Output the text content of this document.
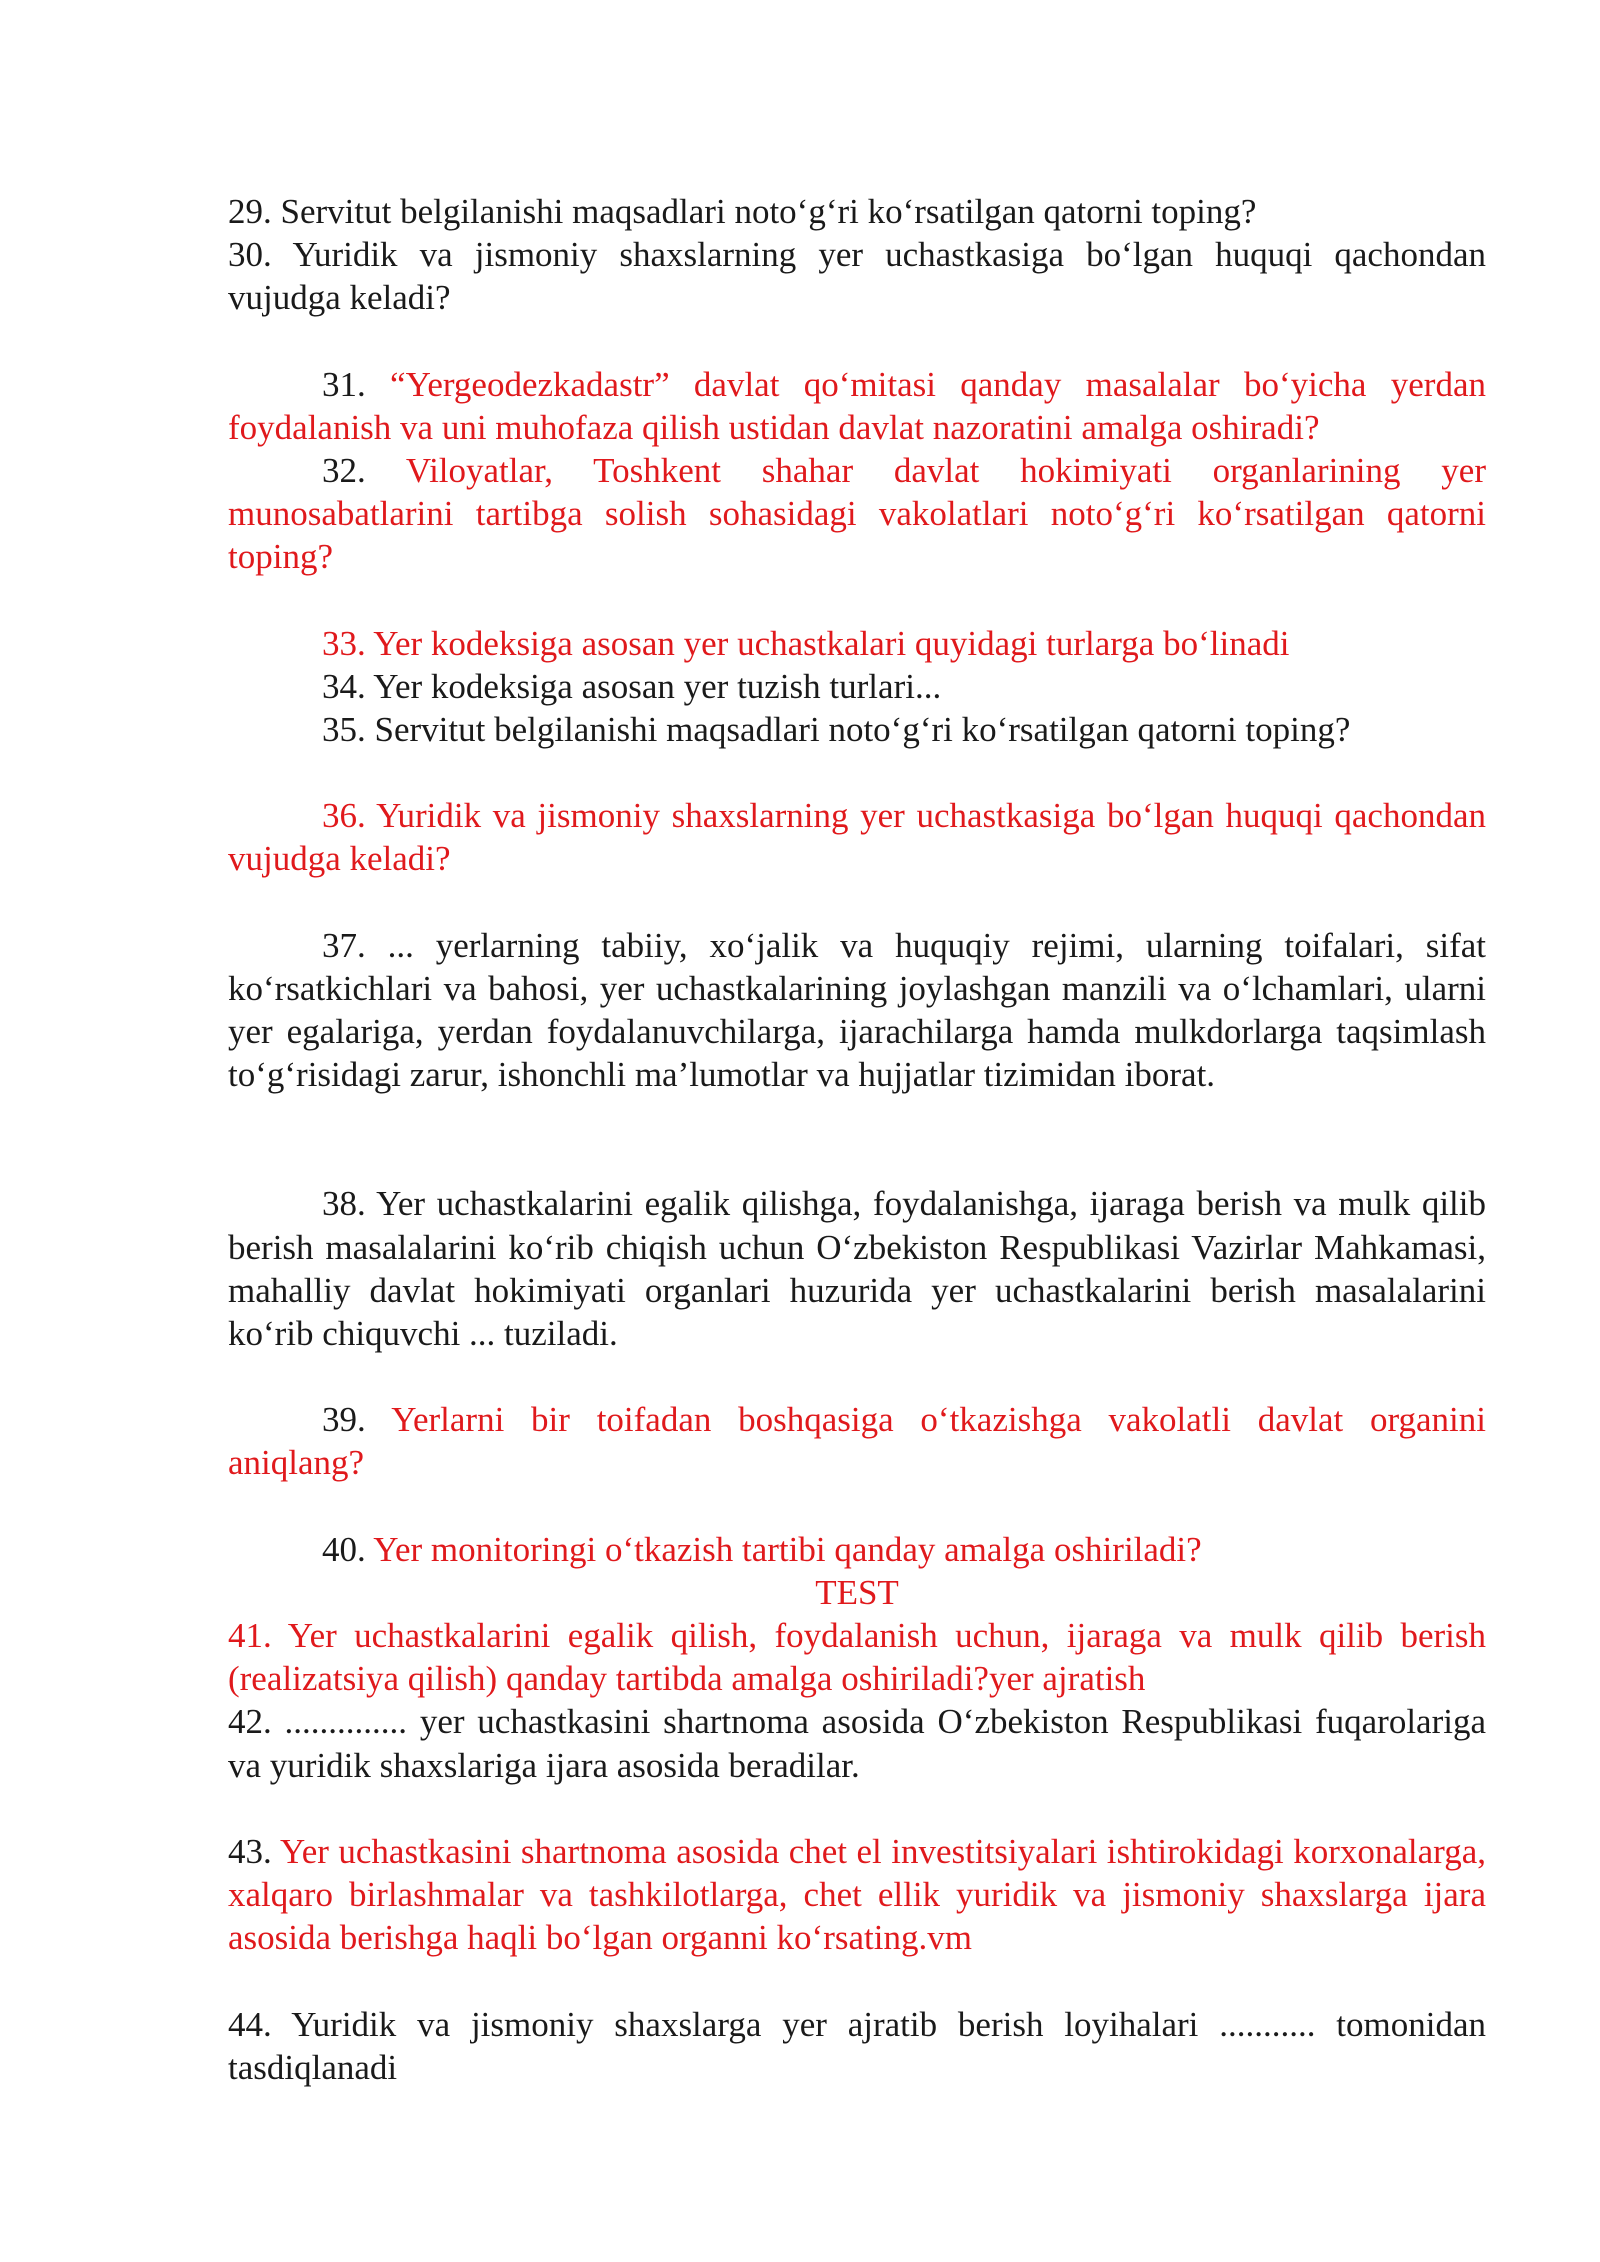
29. Servitut belgilanishi maqsadlari noto‘g‘ri ko‘rsatilgan qatorni toping?

30. Yuridik va jismoniy shaxslarning yer uchastkasiga bo‘lgan huquqi qachondan vujudga keladi?

31. “Yergeodezkadastr” davlat qo‘mitasi qanday masalalar bo‘yicha yerdan foydalanish va uni muhofaza qilish ustidan davlat nazoratini amalga oshiradi?

32. Viloyatlar, Toshkent shahar davlat hokimiyati organlarining yer munosabatlarini tartibga solish sohasidagi vakolatlari noto‘g‘ri ko‘rsatilgan qatorni toping?

33. Yer kodeksiga asosan yer uchastkalari quyidagi turlarga bo‘linadi

34. Yer kodeksiga asosan yer tuzish turlari...

35. Servitut belgilanishi maqsadlari noto‘g‘ri ko‘rsatilgan qatorni toping?

36. Yuridik va jismoniy shaxslarning yer uchastkasiga bo‘lgan huquqi qachondan vujudga keladi?

37. ... yerlarning tabiiy, xo‘jalik va huquqiy rejimi, ularning toifalari, sifat ko‘rsatkichlari va bahosi, yer uchastkalarining joylashgan manzili va o‘lchamlari, ularni yer egalariga, yerdan foydalanuvchilarga, ijarachilarga hamda mulkdorlarga taqsimlash to‘g‘risidagi zarur, ishonchli ma’lumotlar va hujjatlar tizimidan iborat.

38. Yer uchastkalarini egalik qilishga, foydalanishga, ijaraga berish va mulk qilib berish masalalarini ko‘rib chiqish uchun O‘zbekiston Respublikasi Vazirlar Mahkamasi, mahalliy davlat hokimiyati organlari huzurida yer uchastkalarini berish masalalarini ko‘rib chiquvchi ... tuziladi.

39. Yerlarni bir toifadan boshqasiga o‘tkazishga vakolatli davlat organini aniqlang?

40. Yer monitoringi o‘tkazish tartibi qanday amalga oshiriladi?

TEST

41. Yer uchastkalarini egalik qilish, foydalanish uchun, ijaraga va mulk qilib berish (realizatsiya qilish) qanday tartibda amalga oshiriladi?yer ajratish

42. .............. yer uchastkasini shartnoma asosida O‘zbekiston Respublikasi fuqarolariga va yuridik shaxslariga ijara asosida beradilar.

43. Yer uchastkasini shartnoma asosida chet el investitsiyalari ishtirokidagi korxonalarga, xalqaro birlashmalar va tashkilotlarga, chet ellik yuridik va jismoniy shaxslarga ijara asosida berishga haqli bo‘lgan organni ko‘rsating.vm

44. Yuridik va jismoniy shaxslarga yer ajratib berish loyihalari ........... tomonidan tasdiqlanadi
